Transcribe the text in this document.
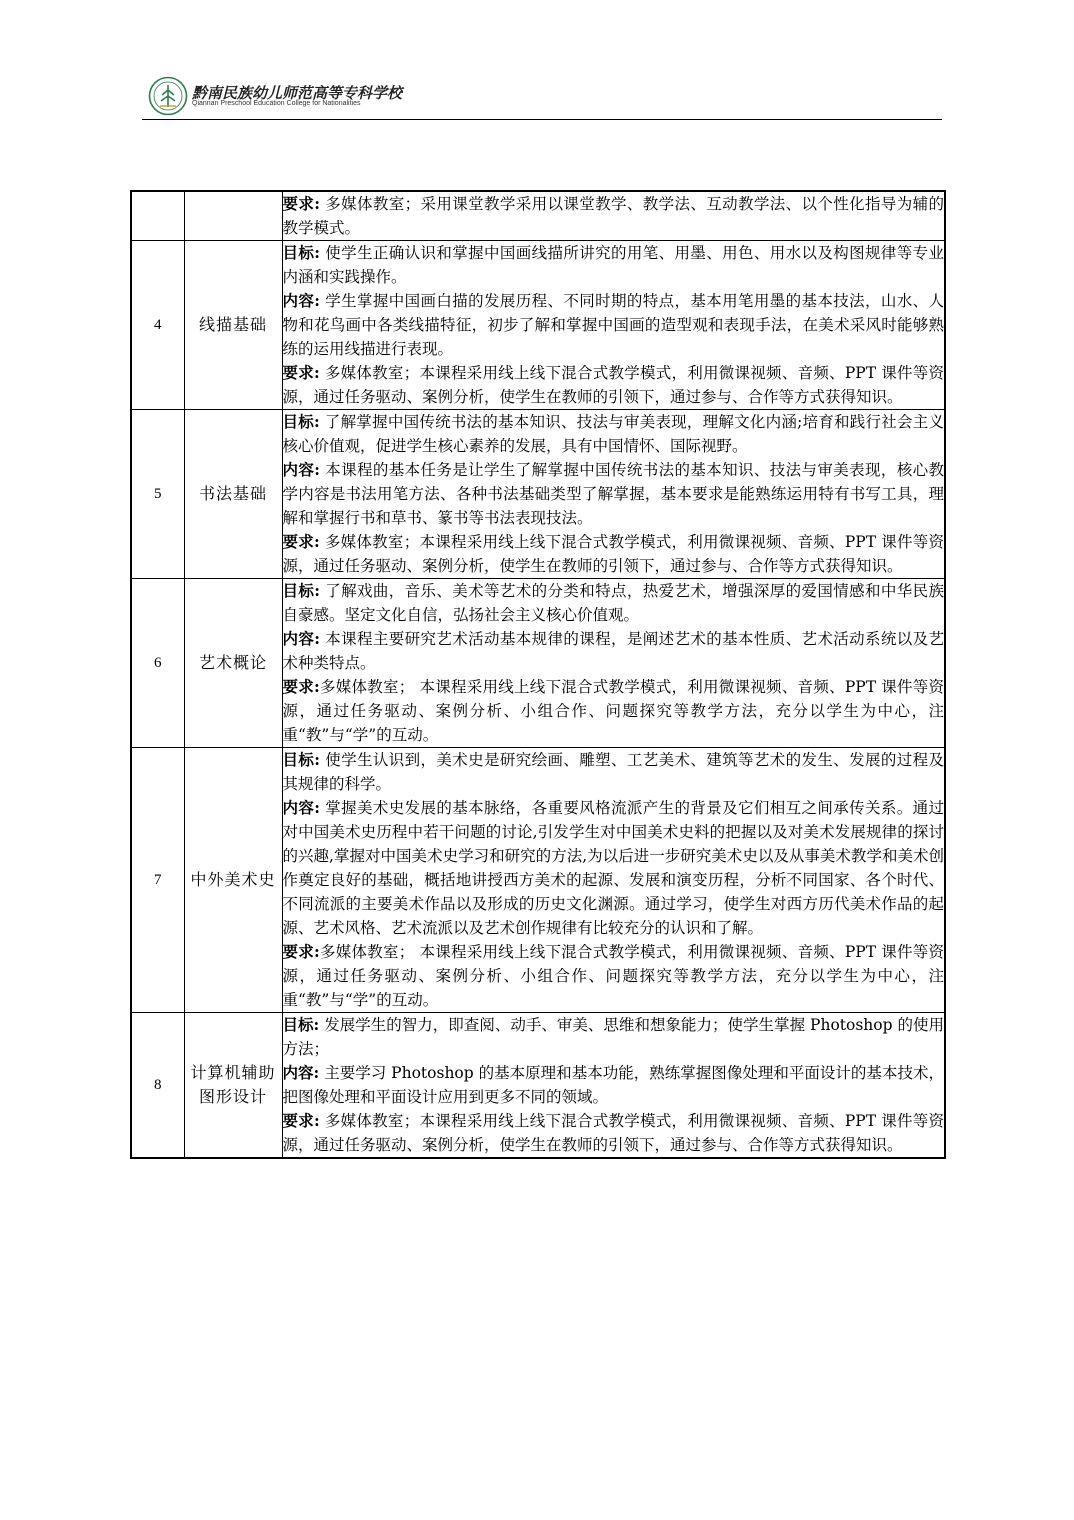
黔南民族幼儿师范高等专科学校
Qiannan Preschool Education College for Nationalities

		要求: 多媒体教室；采用课堂教学采用以课堂教学、教学法、互动教学法、以个性化指导为辅的教学模式。

4	线描基础	目标: 使学生正确认识和掌握中国画线描所讲究的用笔、用墨、用色、用水以及构图规律等专业内涵和实践操作。

内容: 学生掌握中国画白描的发展历程、不同时期的特点，基本用笔用墨的基本技法，山水、人物和花鸟画中各类线描特征，初步了解和掌握中国画的造型观和表现手法，在美术采风时能够熟练的运用线描进行表现。

要求: 多媒体教室；本课程采用线上线下混合式教学模式，利用微课视频、音频、PPT 课件等资源，通过任务驱动、案例分析，使学生在教师的引领下，通过参与、合作等方式获得知识。

5	书法基础	目标: 了解掌握中国传统书法的基本知识、技法与审美表现，理解文化内涵;培育和践行社会主义核心价值观，促进学生核心素养的发展，具有中国情怀、国际视野。

内容: 本课程的基本任务是让学生了解掌握中国传统书法的基本知识、技法与审美表现，核心教学内容是书法用笔方法、各种书法基础类型了解掌握，基本要求是能熟练运用特有书写工具，理解和掌握行书和草书、篆书等书法表现技法。

要求: 多媒体教室；本课程采用线上线下混合式教学模式，利用微课视频、音频、PPT 课件等资源，通过任务驱动、案例分析，使学生在教师的引领下，通过参与、合作等方式获得知识。

6	艺术概论	目标: 了解戏曲，音乐、美术等艺术的分类和特点，热爱艺术，增强深厚的爱国情感和中华民族自豪感。坚定文化自信，弘扬社会主义核心价值观。

内容: 本课程主要研究艺术活动基本规律的课程，是阐述艺术的基本性质、艺术活动系统以及艺术种类特点。

要求:多媒体教室； 本课程采用线上线下混合式教学模式，利用微课视频、音频、PPT 课件等资源，通过任务驱动、案例分析、小组合作、问题探究等教学方法，充分以学生为中心，注重“教”与“学”的互动。

7	中外美术史	目标: 使学生认识到，美术史是研究绘画、雕塑、工艺美术、建筑等艺术的发生、发展的过程及其规律的科学。

内容: 掌握美术史发展的基本脉络，各重要风格流派产生的背景及它们相互之间承传关系。通过对中国美术史历程中若干问题的讨论,引发学生对中国美术史料的把握以及对美术发展规律的探讨的兴趣,掌握对中国美术史学习和研究的方法,为以后进一步研究美术史以及从事美术教学和美术创作奠定良好的基础，概括地讲授西方美术的起源、发展和演变历程，分析不同国家、各个时代、不同流派的主要美术作品以及形成的历史文化渊源。通过学习，使学生对西方历代美术作品的起源、艺术风格、艺术流派以及艺术创作规律有比较充分的认识和了解。

要求:多媒体教室； 本课程采用线上线下混合式教学模式，利用微课视频、音频、PPT 课件等资源，通过任务驱动、案例分析、小组合作、问题探究等教学方法，充分以学生为中心，注重“教”与“学”的互动。

8	计算机辅助图形设计	目标: 发展学生的智力，即查阅、动手、审美、思维和想象能力；使学生掌握 Photoshop 的使用方法；

内容: 主要学习 Photoshop 的基本原理和基本功能，熟练掌握图像处理和平面设计的基本技术，把图像处理和平面设计应用到更多不同的领域。

要求: 多媒体教室；本课程采用线上线下混合式教学模式，利用微课视频、音频、PPT 课件等资源，通过任务驱动、案例分析，使学生在教师的引领下，通过参与、合作等方式获得知识。
